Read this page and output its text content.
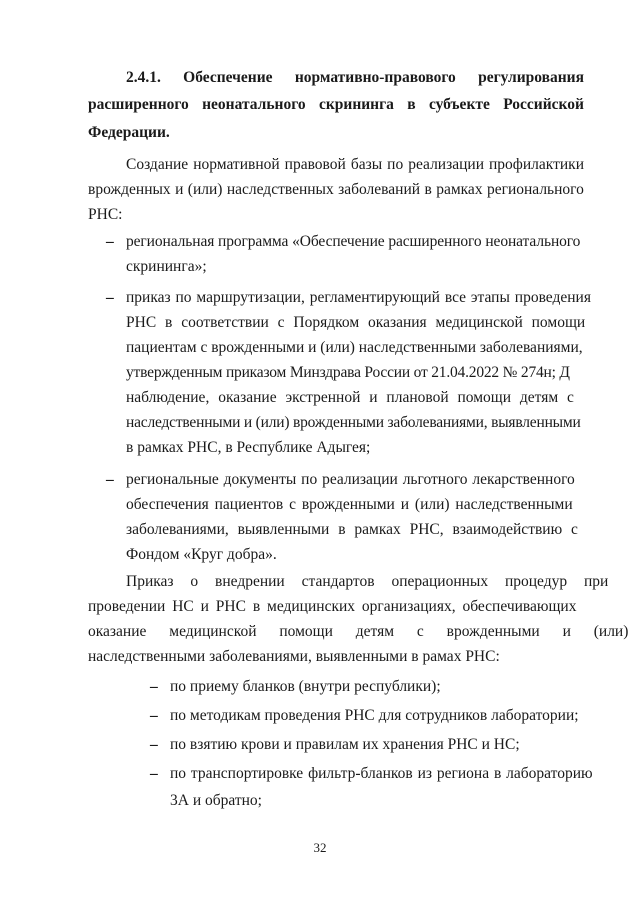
2.4.1. Обеспечение нормативно-правового регулирования
расширенного неонатального скрининга в субъекте Российской
Федерации.
Создание нормативной правовой базы по реализации профилактики
врожденных и (или) наследственных заболеваний в рамках регионального
РНС:
– региональная программа «Обеспечение расширенного неонатального
скрининга»;
– приказ по маршрутизации, регламентирующий все этапы проведения
РНС в соответствии с Порядком оказания медицинской помощи
пациентам с врожденными и (или) наследственными заболеваниями,
утвержденным приказом Минздрава России от 21.04.2022 № 274н; Д
наблюдение, оказание экстренной и плановой помощи детям с
наследственными и (или) врожденными заболеваниями, выявленными
в рамках РНС, в Республике Адыгея;
– региональные документы по реализации льготного лекарственного
обеспечения пациентов с врожденными и (или) наследственными
заболеваниями, выявленными в рамках РНС, взаимодействию с
Фондом «Круг добра».
Приказ о внедрении стандартов операционных процедур при
проведении НС и РНС в медицинских организациях, обеспечивающих
оказание медицинской помощи детям с врожденными и (или)
наследственными заболеваниями, выявленными в рамах РНС:
– по приему бланков (внутри республики);
– по методикам проведения РНС для сотрудников лаборатории;
– по взятию крови и правилам их хранения РНС и НС;
– по транспортировке фильтр-бланков из региона в лабораторию
3А и обратно;
32
